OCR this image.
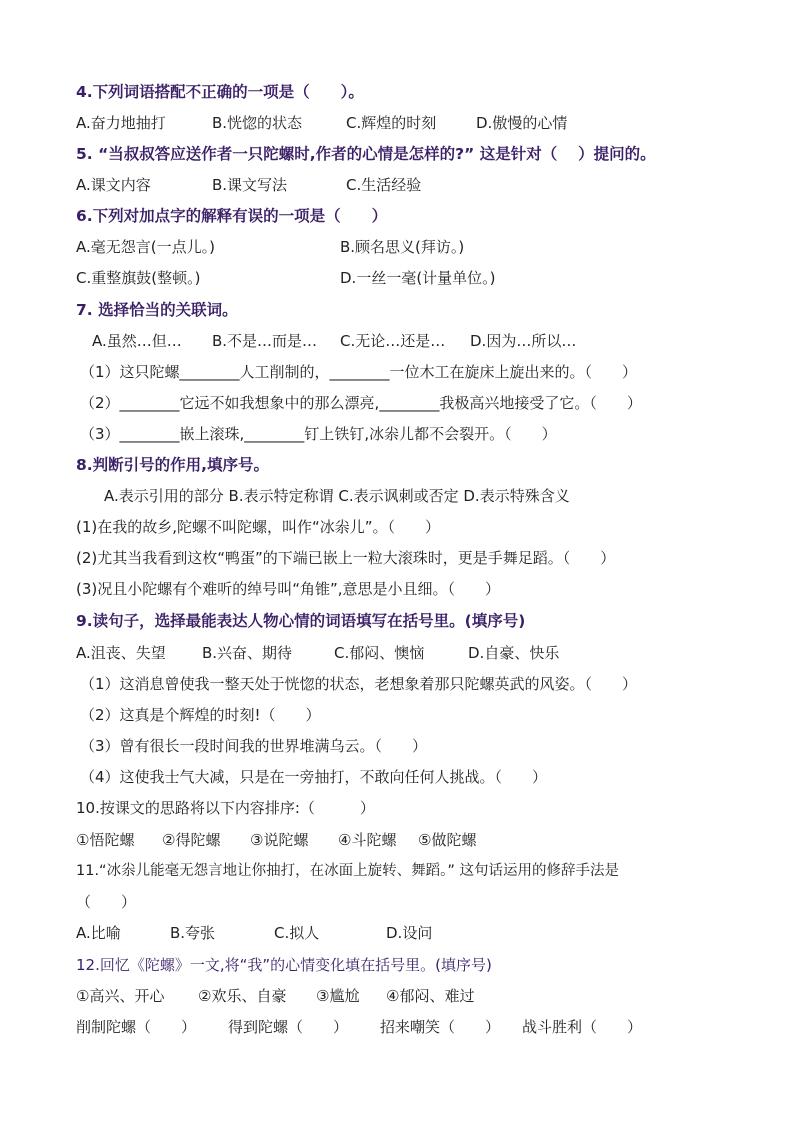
4.下列词语搭配不正确的一项是（　　）。
A.奋力地抽打	B.恍惚的状态	C.辉煌的时刻	D.傲慢的心情
5. “当叔叔答应送作者一只陀螺时,作者的心情是怎样的?” 这是针对（　 ）提问的。
A.课文内容	B.课文写法	C.生活经验
6.下列对加点字的解释有误的一项是（　　）
A.毫无怨言(一点儿。)	B.顾名思义(拜访。)
C.重整旗鼓(整顿。)	D.一丝一毫(计量单位。)
7. 选择恰当的关联词。
A.虽然…但… B.不是…而是… C.无论…还是… D.因为…所以…
（1）这只陀螺________人工削制的，________一位木工在旋床上旋出来的。（　　）
（2）________它远不如我想象中的那么漂亮,________我极高兴地接受了它。（　　）
（3）________嵌上滚珠,________钉上铁钉,冰尜儿都不会裂开。（　　）
8.判断引号的作用,填序号。
A.表示引用的部分 B.表示特定称谓 C.表示讽刺或否定 D.表示特殊含义
(1)在我的故乡,陀螺不叫陀螺，叫作“冰尜儿”。（　　）
(2)尤其当我看到这枚“鸭蛋”的下端已嵌上一粒大滚珠时，更是手舞足蹈。（　　）
(3)况且小陀螺有个难听的绰号叫“角锥”,意思是小且细。（　　）
9.读句子，选择最能表达人物心情的词语填写在括号里。(填序号)
A.沮丧、失望 B.兴奋、期待	C.郁闷、懊恼	D.自豪、快乐
（1）这消息曾使我一整天处于恍惚的状态，老想象着那只陀螺英武的风姿。（　　）
（2）这真是个辉煌的时刻!（　　）
（3）曾有很长一段时间我的世界堆满乌云。（　　）
（4）这使我士气大减，只是在一旁抽打，不敢向任何人挑战。（　　）
10.按课文的思路将以下内容排序:（　　　）
①悟陀螺 ②得陀螺 ③说陀螺 ④斗陀螺 ⑤做陀螺
11.“冰尜儿能毫无怨言地让你抽打，在冰面上旋转、舞蹈。” 这句话运用的修辞手法是
（　　）
A.比喻	B.夸张	C.拟人	D.设问
12.回忆《陀螺》一文,将“我”的心情变化填在括号里。(填序号)
①高兴、开心 ②欢乐、自豪 ③尴尬 ④郁闷、难过
削制陀螺（　　） 得到陀螺（　　） 招来嘲笑（　　） 战斗胜利（　　）
